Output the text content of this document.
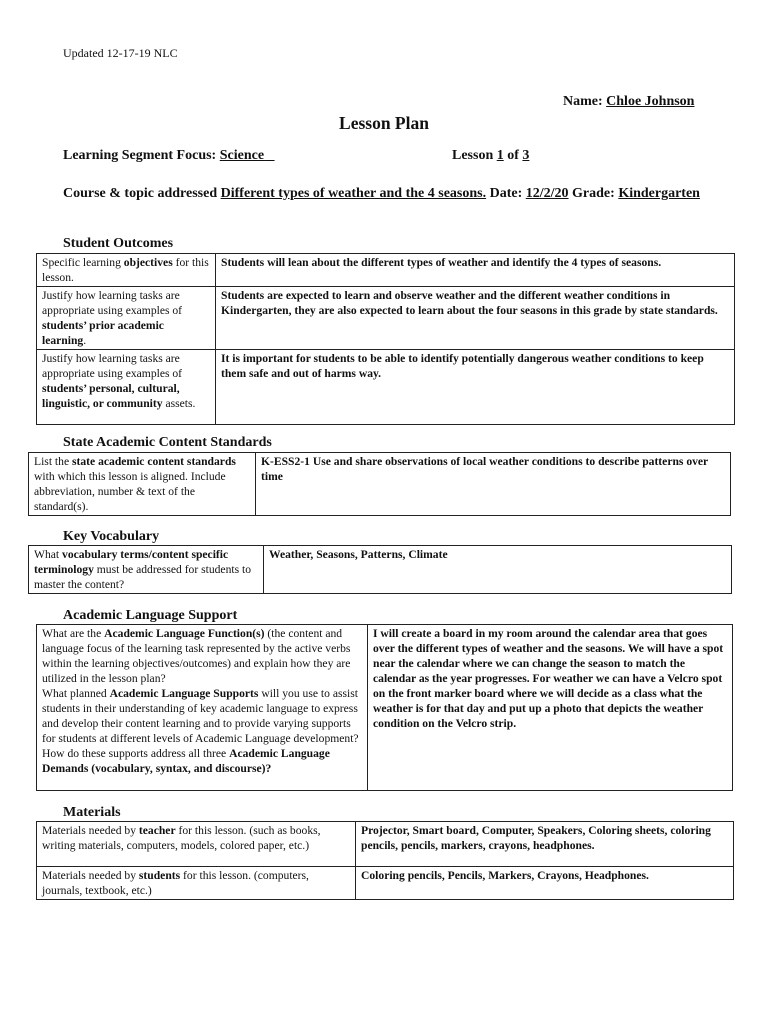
Updated 12-17-19 NLC
Name: Chloe Johnson
Lesson Plan
Learning Segment Focus: Science	Lesson 1 of 3
Course & topic addressed Different types of weather and the 4 seasons. Date: 12/2/20 Grade: Kindergarten
Student Outcomes
Specific learning objectives for this lesson.	Students will lean about the different types of weather and identify the 4 types of seasons.
Justify how learning tasks are appropriate using examples of students’ prior academic learning.	Students are expected to learn and observe weather and the different weather conditions in Kindergarten, they are also expected to learn about the four seasons in this grade by state standards.
Justify how learning tasks are appropriate using examples of students’ personal, cultural, linguistic, or community assets.	It is important for students to be able to identify potentially dangerous weather conditions to keep them safe and out of harms way.
State Academic Content Standards
List the state academic content standards with which this lesson is aligned. Include abbreviation, number & text of the standard(s).	K-ESS2-1 Use and share observations of local weather conditions to describe patterns over time
Key Vocabulary
What vocabulary terms/content specific terminology must be addressed for students to master the content?	Weather, Seasons, Patterns, Climate
Academic Language Support
What are the Academic Language Function(s) (the content and language focus of the learning task represented by the active verbs within the learning objectives/outcomes) and explain how they are utilized in the lesson plan?
What planned Academic Language Supports will you use to assist students in their understanding of key academic language to express and develop their content learning and to provide varying supports for students at different levels of Academic Language development? How do these supports address all three Academic Language Demands (vocabulary, syntax, and discourse)?	I will create a board in my room around the calendar area that goes over the different types of weather and the seasons. We will have a spot near the calendar where we can change the season to match the calendar as the year progresses. For weather we can have a Velcro spot on the front marker board where we will decide as a class what the weather is for that day and put up a photo that depicts the weather condition on the Velcro strip.
Materials
Materials needed by teacher for this lesson. (such as books, writing materials, computers, models, colored paper, etc.)	Projector, Smart board, Computer, Speakers, Coloring sheets, coloring pencils, pencils, markers, crayons, headphones.
Materials needed by students for this lesson. (computers, journals, textbook, etc.)	Coloring pencils, Pencils, Markers, Crayons, Headphones.
